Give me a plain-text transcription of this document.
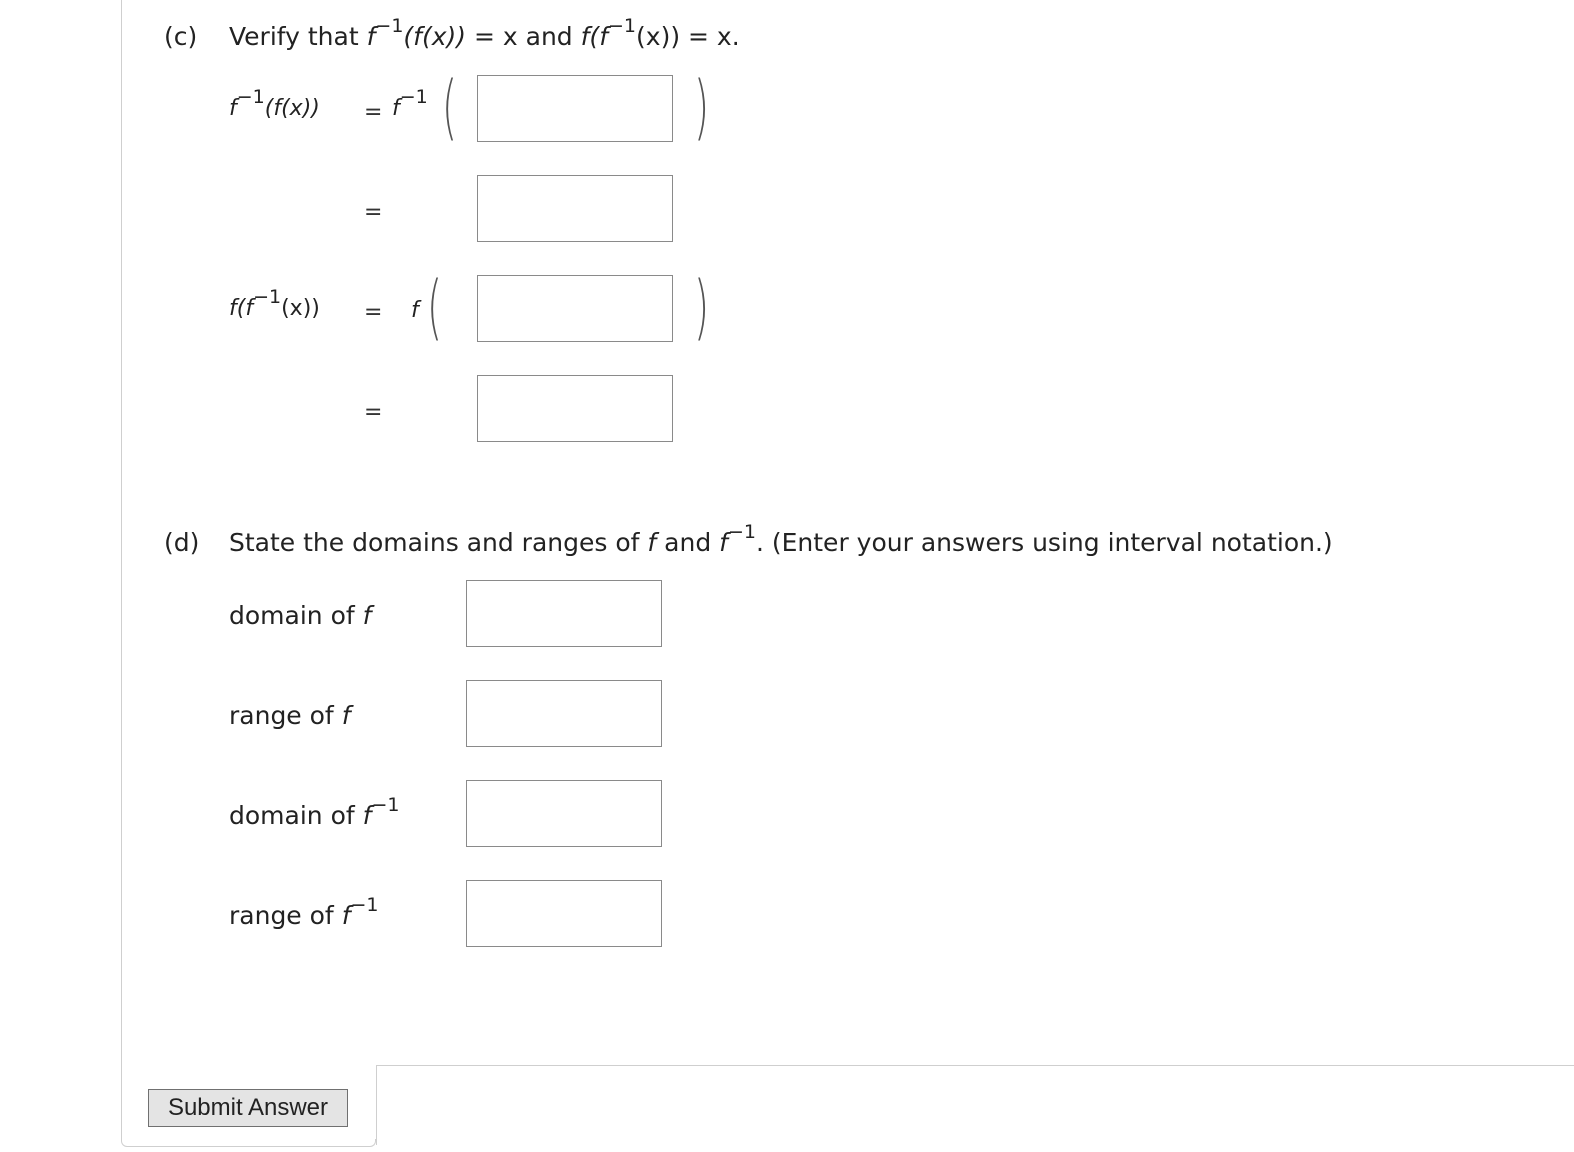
(c) Verify that $f^{-1}(f(x)) = x$ and $f(f^{-1}(x)) = x$.
$f^{-1}(f(x)) = f^{-1}$ (	)
=
$f(f^{-1}(x)) = f$ (	)
=
(d) State the domains and ranges of f and $f^{-1}$. (Enter your answers using interval notation.)
domain of f
range of f
domain of $f^{-1}$
range of $f^{-1}$
Submit Answer
